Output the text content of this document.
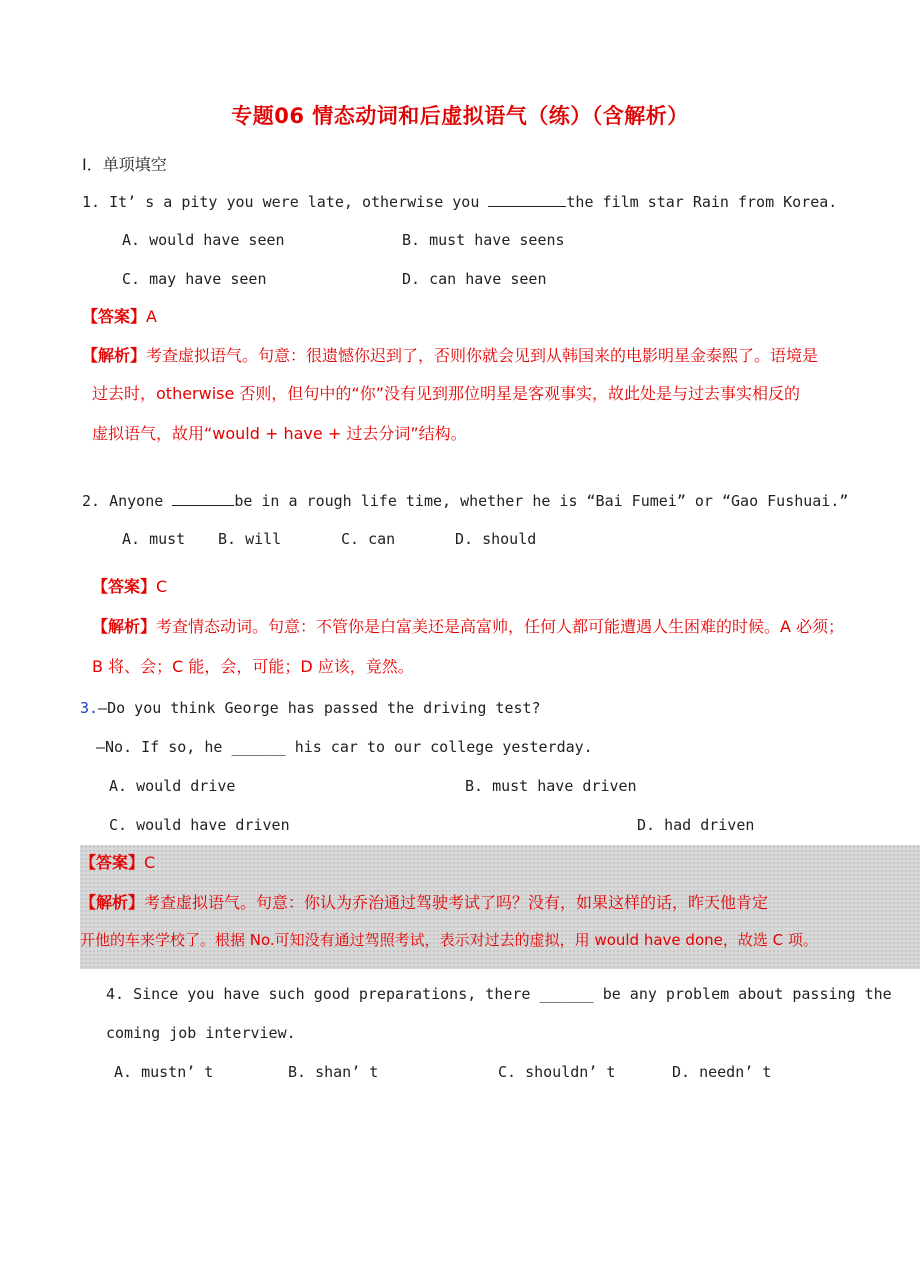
专题06 情态动词和后虚拟语气（练）（含解析）
I．单项填空
1. It’ s a pity you were late, otherwise you	the film star Rain from Korea.
A. would have seen	B. must have seens
C. may have seen	D. can have seen
【答案】A
【解析】考查虚拟语气。句意：很遗憾你迟到了，否则你就会见到从韩国来的电影明星金泰熙了。语境是
过去时，otherwise 否则，但句中的“你”没有见到那位明星是客观事实，故此处是与过去事实相反的
虚拟语气，故用“would + have + 过去分词”结构。
2. Anyone	be in a rough life time, whether he is “Bai Fumei” or “Gao Fushuai.”
A. must B. will	C. can	D. should
【答案】C
【解析】考查情态动词。句意：不管你是白富美还是高富帅，任何人都可能遭遇人生困难的时候。A 必须；
B 将、会；C 能，会，可能；D 应该，竟然。
3.—Do you think George has passed the driving test?
—No. If so, he ______ his car to our college yesterday.
A. would drive	B. must have driven
C. would have driven	D. had driven
【答案】C
【解析】考查虚拟语气。句意：你认为乔治通过驾驶考试了吗？没有，如果这样的话，昨天他肯定
开他的车来学校了。根据 No.可知没有通过驾照考试，表示对过去的虚拟，用 would have done，故选 C 项。
4. Since you have such good preparations, there ______ be any problem about passing the
coming job interview.
A. mustn’ t	B. shan’ t	C. shouldn’ t	D. needn’ t
